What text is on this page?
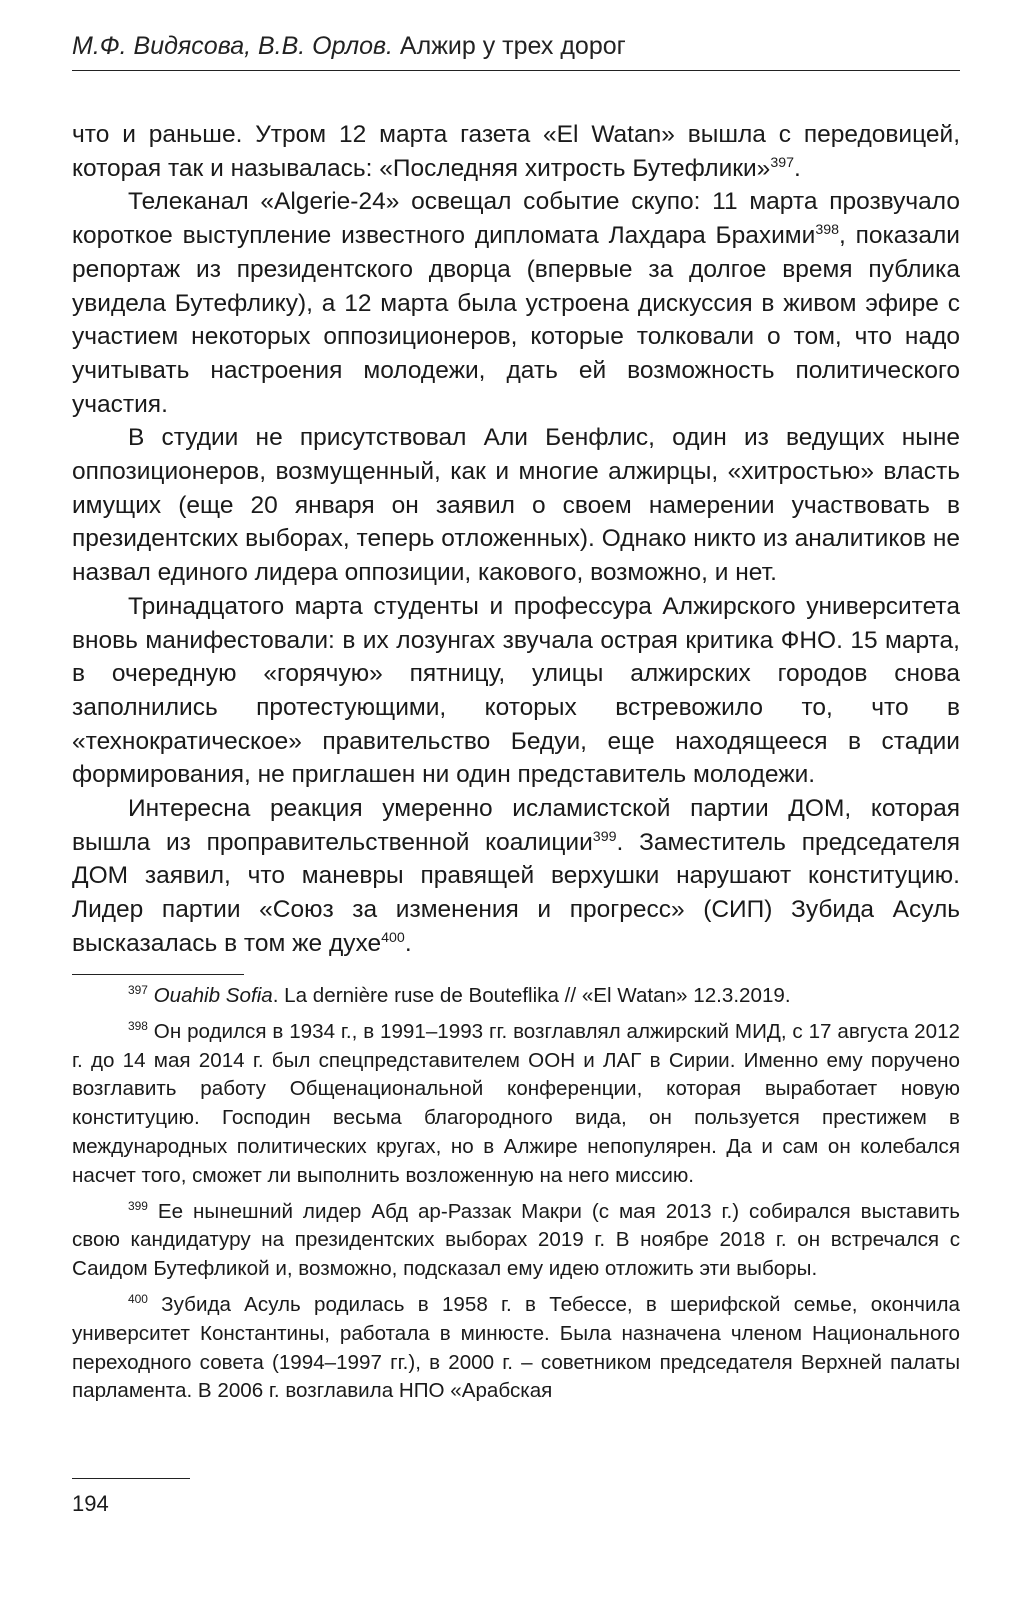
М.Ф. Видясова, В.В. Орлов. Алжир у трех дорог

что и раньше. Утром 12 марта газета «El Watan» вышла с передовицей, которая так и называлась: «Последняя хитрость Бутефлики»$^{397}$.

Телеканал «Algerie-24» освещал событие скупо: 11 марта прозвучало короткое выступление известного дипломата Лахдара Брахими$^{398}$, показали репортаж из президентского дворца (впервые за долгое время публика увидела Бутефлику), а 12 марта была устроена дискуссия в живом эфире с участием некоторых оппозиционеров, которые толковали о том, что надо учитывать настроения молодежи, дать ей возможность политического участия.

В студии не присутствовал Али Бенфлис, один из ведущих ныне оппозиционеров, возмущенный, как и многие алжирцы, «хитростью» власть имущих (еще 20 января он заявил о своем намерении участвовать в президентских выборах, теперь отложенных). Однако никто из аналитиков не назвал единого лидера оппозиции, каковогo, возможно, и нет.

Тринадцатого марта студенты и профессура Алжирского университета вновь манифестовали: в их лозунгах звучала острая критика ФНО. 15 марта, в очередную «горячую» пятницу, улицы алжирских городов снова заполнились протестующими, которых встревожило то, что в «технократическое» правительство Бедуи, еще находящееся в стадии формирования, не приглашен ни один представитель молодежи.

Интересна реакция умеренно исламистской партии ДОМ, которая вышла из проправительственной коалиции$^{399}$. Заместитель председателя ДОМ заявил, что маневры правящей верхушки нарушают конституцию. Лидер партии «Союз за изменения и прогресс» (СИП) Зубида Асуль высказалась в том же духе$^{400}$.

$^{397}$ Ouahib Sofia. La dernière ruse de Bouteflika // «El Watan» 12.3.2019.

$^{398}$ Он родился в 1934 г., в 1991–1993 гг. возглавлял алжирский МИД, с 17 августа 2012 г. до 14 мая 2014 г. был спецпредставителем ООН и ЛАГ в Сирии. Именно ему поручено возглавить работу Общенациональной конференции, которая выработает новую конституцию. Господин весьма благородного вида, он пользуется престижем в международных политических кругах, но в Алжире непопулярен. Да и сам он колебался насчет того, сможет ли выполнить возложенную на него миссию.

$^{399}$ Ее нынешний лидер Абд ар-Раззак Макри (с мая 2013 г.) собирался выставить свою кандидатуру на президентских выборах 2019 г. В ноябре 2018 г. он встречался с Саидом Бутефликой и, возможно, подсказал ему идею отложить эти выборы.

$^{400}$ Зубида Асуль родилась в 1958 г. в Тебессе, в шерифской семье, окончила университет Константины, работала в минюсте. Была назначена членом Национального переходного совета (1994–1997 гг.), в 2000 г. – советником председателя Верхней палаты парламента. В 2006 г. возглавила НПО «Арабская

194
